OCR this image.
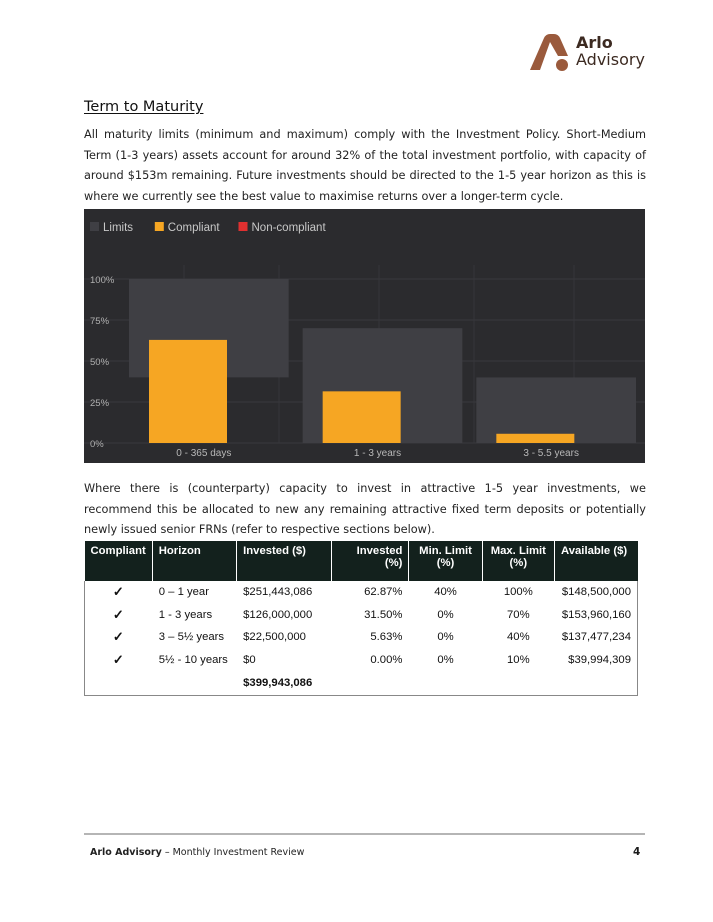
Arlo
Advisory
Term to Maturity

All maturity limits (minimum and maximum) comply with the Investment Policy. Short-Medium Term (1-3 years) assets account for around 32% of the total investment portfolio, with capacity of around $153m remaining. Future investments should be directed to the 1-5 year horizon as this is where we currently see the best value to maximise returns over a longer-term cycle.

Limits	Compliant	Non-compliant
0%
25%
50%
75%
100%
0 - 365 days	1 - 3 years	3 - 5.5 years

Where there is (counterparty) capacity to invest in attractive 1-5 year investments, we recommend this be allocated to new any remaining attractive fixed term deposits or potentially newly issued senior FRNs (refer to respective sections below).

Compliant	Horizon	Invested ($)	Invested (%)	Min. Limit (%)	Max. Limit (%)	Available ($)
✓	0 – 1 year	$251,443,086	62.87%	40%	100%	$148,500,000
✓	1 - 3 years	$126,000,000	31.50%	0%	70%	$153,960,160
✓	3 – 5½ years	$22,500,000	5.63%	0%	40%	$137,477,234
✓	5½ - 10 years	$0	0.00%	0%	10%	$39,994,309
		$399,943,086				
Arlo Advisory – Monthly Investment Review	4
